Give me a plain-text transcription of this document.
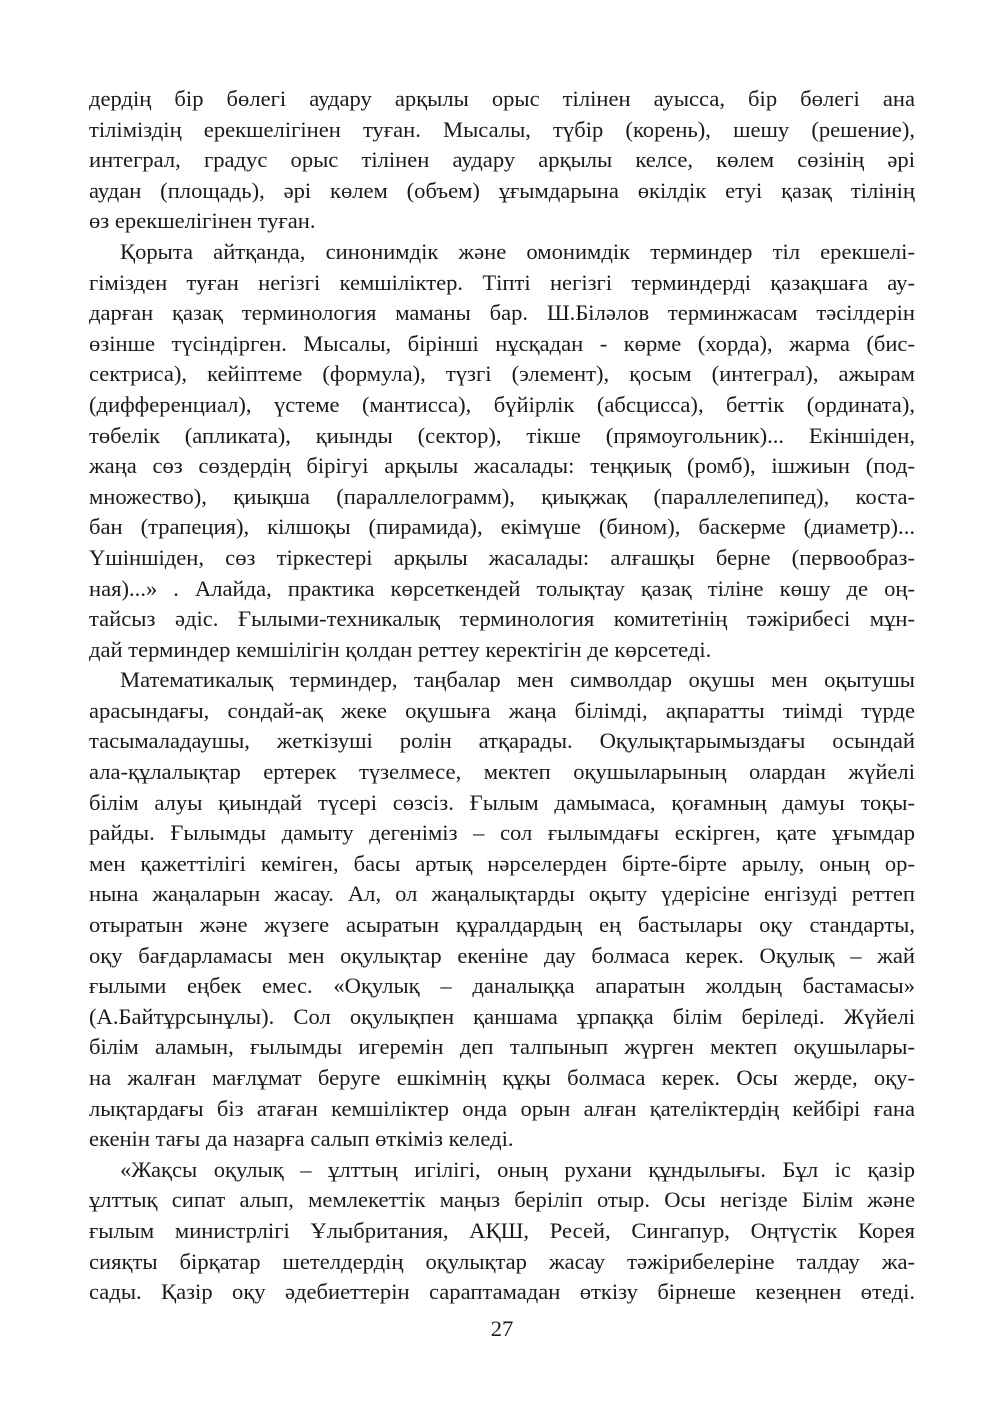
дердің бір бөлегі аудару арқылы орыс тілінен ауысса, бір бөлегі ана
тіліміздің ерекшелігінен туған. Мысалы, түбір (корень), шешу (решение),
интеграл, градус орыс тілінен аудару арқылы келсе, көлем сөзінің әрі
аудан (площадь), әрі көлем (объем) ұғымдарына өкілдік етуі қазақ тілінің
өз ерекшелігінен туған.
Қорыта айтқанда, синонимдік және омонимдік терминдер тіл ерекшелі-
гімізден туған негізгі кемшіліктер. Тіпті негізгі терминдерді қазақшаға ау-
дарған қазақ терминология маманы бар. Ш.Біләлов терминжасам тәсілдерін
өзінше түсіндірген. Мысалы, бірінші нұсқадан - көрме (хорда), жарма (бис-
сектриса), кейіптеме (формула), түзгі (элемент), қосым (интеграл), ажырам
(дифференциал), үстеме (мантисса), бүйірлік (абсцисса), беттік (ордината),
төбелік (апликата), қиынды (сектор), тікше (прямоугольник)... Екіншіден,
жаңа сөз сөздердің бірігуі арқылы жасалады: теңқиық (ромб), ішжиын (под-
множество), қиықша (параллелограмм), қиықжақ (параллелепипед), коста-
бан (трапеция), кілшоқы (пирамида), екімүше (бином), баскерме (диаметр)...
Үшіншіден, сөз тіркестері арқылы жасалады: алғашқы берне (первообраз-
ная)...» . Алайда, практика көрсеткендей толықтау қазақ тіліне көшу де оң-
тайсыз әдіс. Ғылыми-техникалық терминология комитетінің тәжірибесі мұн-
дай терминдер кемшілігін қолдан реттеу керектігін де көрсетеді.
Математикалық терминдер, таңбалар мен символдар оқушы мен оқытушы
арасындағы, сондай-ақ жеке оқушыға жаңа білімді, ақпаратты тиімді түрде
тасымаладаушы, жеткізуші ролін атқарады. Оқулықтарымыздағы осындай
ала-құлалықтар ертерек түзелмесе, мектеп оқушыларының олардан жүйелі
білім алуы қиындай түсері сөзсіз. Ғылым дамымаса, қоғамның дамуы тоқы-
райды. Ғылымды дамыту дегеніміз – сол ғылымдағы ескірген, қате ұғымдар
мен қажеттілігі кеміген, басы артық нәрселерден бірте-бірте арылу, оның ор-
нына жаңаларын жасау. Ал, ол жаңалықтарды оқыту үдерісіне енгізуді реттеп
отыратын және жүзеге асыратын құралдардың ең бастылары оқу стандарты,
оқу бағдарламасы мен оқулықтар екеніне дау болмаса керек. Оқулық – жай
ғылыми еңбек емес. «Оқулық – даналыққа апаратын жолдың бастамасы»
(А.Байтұрсынұлы). Сол оқулықпен қаншама ұрпаққа білім беріледі. Жүйелі
білім аламын, ғылымды игеремін деп талпынып жүрген мектеп оқушылары-
на жалған мағлұмат беруге ешкімнің құқы болмаса керек. Осы жерде, оқу-
лықтардағы біз атаған кемшіліктер онда орын алған қателіктердің кейбірі ғана
екенін тағы да назарға салып өткіміз келеді.
«Жақсы оқулық – ұлттың игілігі, оның рухани құндылығы. Бұл іс қазір
ұлттық сипат алып, мемлекеттік маңыз беріліп отыр. Осы негізде Білім және
ғылым министрлігі Ұлыбритания, АҚШ, Ресей, Сингапур, Оңтүстік Корея
сияқты бірқатар шетелдердің оқулықтар жасау тәжірибелеріне талдау жа-
сады. Қазір оқу әдебиеттерін сараптамадан өткізу бірнеше кезеңнен өтеді.
27
